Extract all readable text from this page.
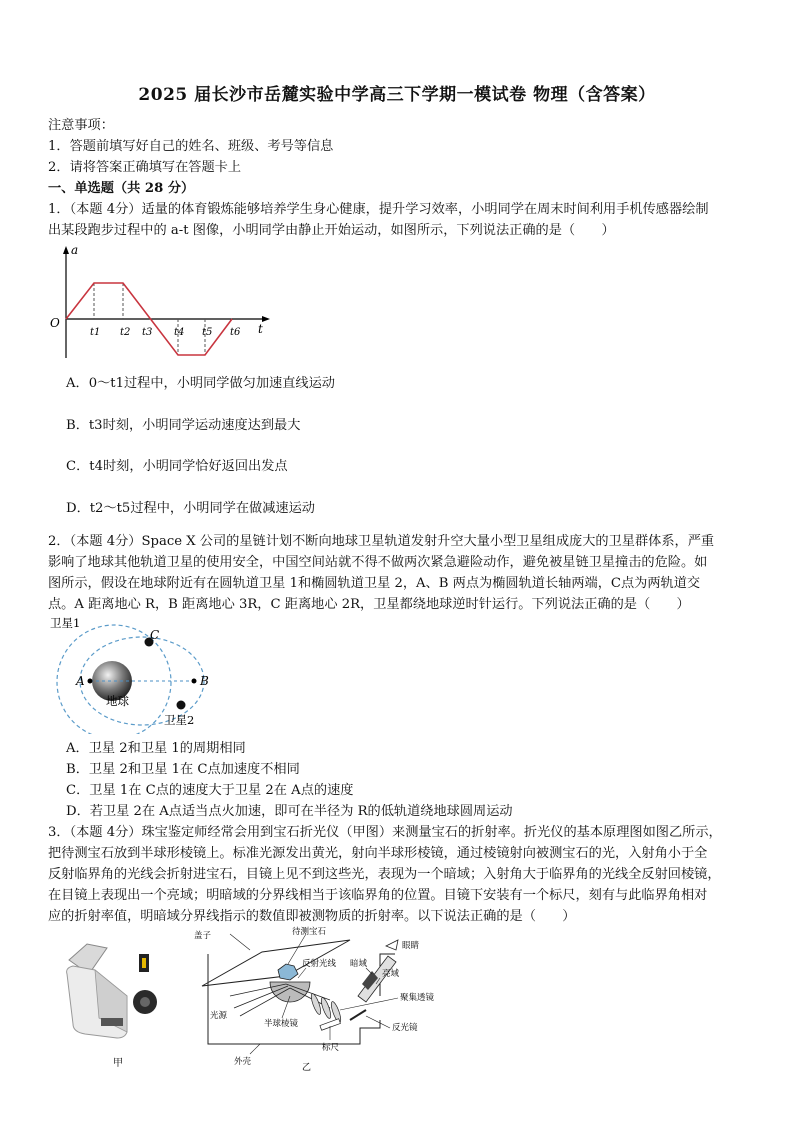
2025 届长沙市岳麓实验中学高三下学期一模试卷 物理（含答案）
注意事项：
1．答题前填写好自己的姓名、班级、考号等信息
2．请将答案正确填写在答题卡上
一、单选题（共 28 分）
1．（本题 4分）适量的体育锻炼能够培养学生身心健康，提升学习效率，小明同学在周末时间利用手机传感器绘制
出某段跑步过程中的 a-t 图像，小明同学由静止开始运动，如图所示，下列说法正确的是（　　）
a
t
O
t1 t2 t3 t4 t5 t6
A．0～t1过程中，小明同学做匀加速直线运动
B．t3时刻，小明同学运动速度达到最大
C．t4时刻，小明同学恰好返回出发点
D．t2～t5过程中，小明同学在做减速运动
2．（本题 4分）Space X 公司的星链计划不断向地球卫星轨道发射升空大量小型卫星组成庞大的卫星群体系，严重
影响了地球其他轨道卫星的使用安全，中国空间站就不得不做两次紧急避险动作，避免被星链卫星撞击的危险。如
图所示，假设在地球附近有在圆轨道卫星 1和椭圆轨道卫星 2，A、B 两点为椭圆轨道长轴两端，C点为两轨道交
点。A 距离地心 R，B 距离地心 3R，C 距离地心 2R，卫星都绕地球逆时针运行。下列说法正确的是（　　）
卫星1
C
A	B
地球
卫星2
A．卫星 2和卫星 1的周期相同
B．卫星 2和卫星 1在 C点加速度不相同
C．卫星 1在 C点的速度大于卫星 2在 A点的速度
D．若卫星 2在 A点适当点火加速，即可在半径为 R的低轨道绕地球圆周运动
3．（本题 4分）珠宝鉴定师经常会用到宝石折光仪（甲图）来测量宝石的折射率。折光仪的基本原理图如图乙所示，
把待测宝石放到半球形棱镜上。标准光源发出黄光，射向半球形棱镜，通过棱镜射向被测宝石的光，入射角小于全
反射临界角的光线会折射进宝石，目镜上见不到这些光，表现为一个暗域；入射角大于临界角的光线全反射回棱镜，
在目镜上表现出一个亮域；明暗域的分界线相当于该临界角的位置。目镜下安装有一个标尺，刻有与此临界角相对
应的折射率值，明暗域分界线指示的数值即被测物质的折射率。以下说法正确的是（　　）
甲
盖子	待测宝石
反射光线
眼睛
暗域
亮域
聚集透镜
反光镜
光源
半球棱镜
标尺
外壳
乙
